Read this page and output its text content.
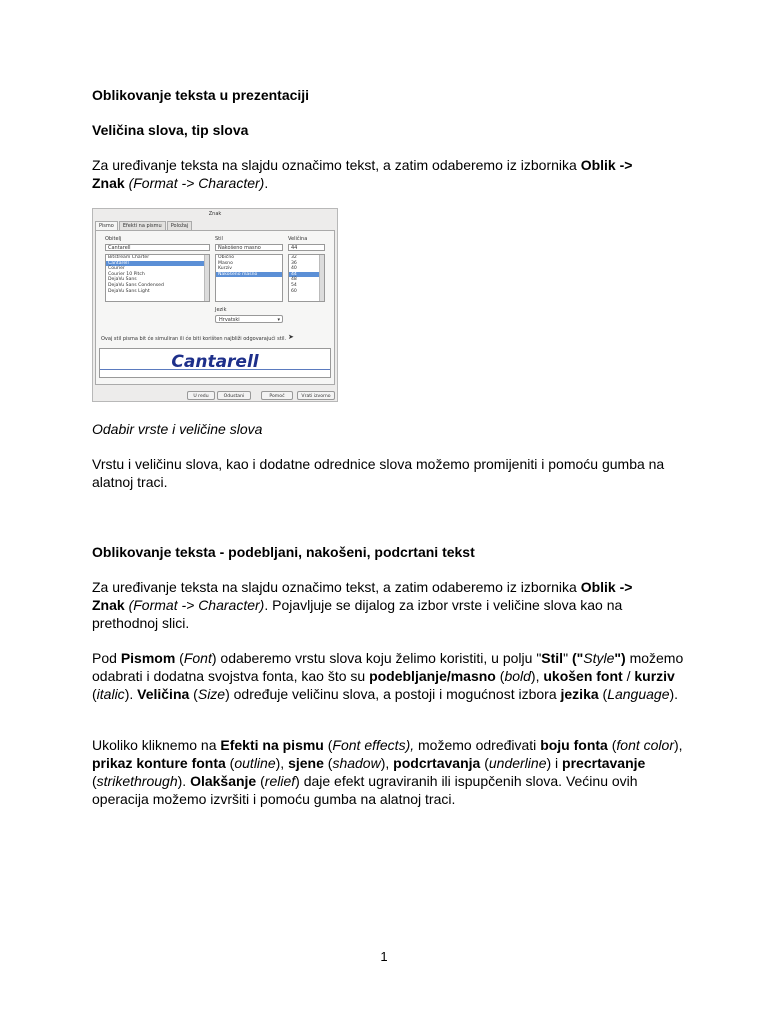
Oblikovanje teksta u prezentaciji

Veličina slova, tip slova

Za uređivanje teksta na slajdu označimo tekst, a zatim odaberemo iz izbornika Oblik ->
Znak (Format -> Character).

Znak
Pismo	Efekti na pismu	Položaj
Obitelj
Cantarell
Bitstream Charter
Cantarell
Courier
Courier 10 Pitch
DejaVu Sans
DejaVu Sans Condensed
DejaVu Sans Light
Stil
Nakošeno masno
Obično
Masno
Kurziv
Nakošeno masno
Veličina
44
32
36
40
44
48
54
60
Jezik
Hrvatski	▾
Ovaj stil pisma bit će simuliran ili će biti korišten najbliži odgovarajući stil. ➤
Cantarell
U redu	Odustani	Pomoć	Vrati izvorno

Odabir vrste i veličine slova

Vrstu i veličinu slova, kao i dodatne odrednice slova možemo promijeniti i pomoću gumba na alatnoj traci.

Oblikovanje teksta - podebljani, nakošeni, podcrtani tekst

Za uređivanje teksta na slajdu označimo tekst, a zatim odaberemo iz izbornika Oblik ->
Znak (Format -> Character). Pojavljuje se dijalog za izbor vrste i veličine slova kao na prethodnoj slici.

Pod Pismom (Font) odaberemo vrstu slova koju želimo koristiti, u polju "Stil" ("Style") možemo odabrati i dodatna svojstva fonta, kao što su podebljanje/masno (bold), ukošen font / kurziv (italic). Veličina (Size) određuje veličinu slova, a postoji i mogućnost izbora jezika (Language).

Ukoliko kliknemo na Efekti na pismu (Font effects), možemo određivati boju fonta (font color), prikaz konture fonta (outline), sjene (shadow), podcrtavanja (underline) i precrtavanje (strikethrough). Olakšanje (relief) daje efekt ugraviranih ili ispupčenih slova. Većinu ovih operacija možemo izvršiti i pomoću gumba na alatnoj traci.

1
